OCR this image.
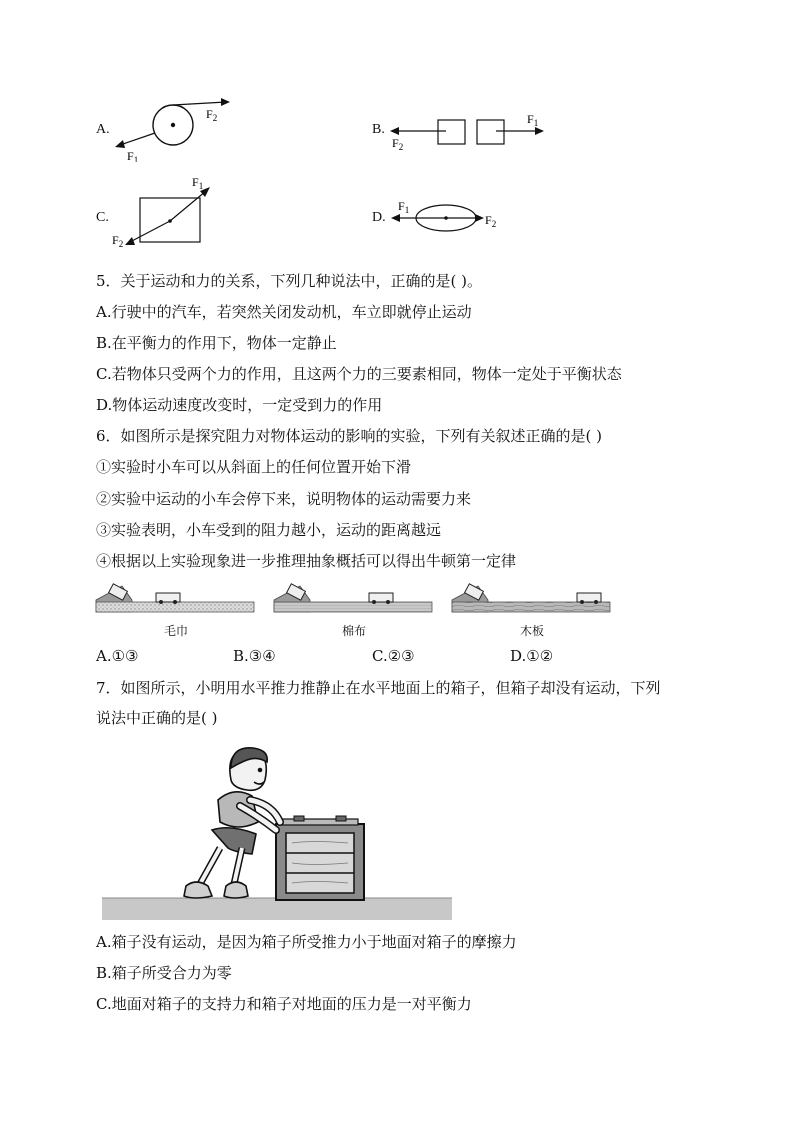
A.
$F_2$
$F_1$
B.
$F_1$
$F_2$
C.
$F_1$
$F_2$
D.
$F_1$
$F_2$
5．关于运动和力的关系，下列几种说法中，正确的是( )。
A.行驶中的汽车，若突然关闭发动机，车立即就停止运动
B.在平衡力的作用下，物体一定静止
C.若物体只受两个力的作用，且这两个力的三要素相同，物体一定处于平衡状态
D.物体运动速度改变时，一定受到力的作用
6．如图所示是探究阻力对物体运动的影响的实验，下列有关叙述正确的是( )
①实验时小车可以从斜面上的任何位置开始下滑
②实验中运动的小车会停下来，说明物体的运动需要力来
③实验表明，小车受到的阻力越小，运动的距离越远
④根据以上实验现象进一步推理抽象概括可以得出牛顿第一定律
毛巾	棉布	木板
A.①③	B.③④	C.②③	D.①②
7．如图所示，小明用水平推力推静止在水平地面上的箱子，但箱子却没有运动，下列
说法中正确的是( )
A.箱子没有运动，是因为箱子所受推力小于地面对箱子的摩擦力
B.箱子所受合力为零
C.地面对箱子的支持力和箱子对地面的压力是一对平衡力
